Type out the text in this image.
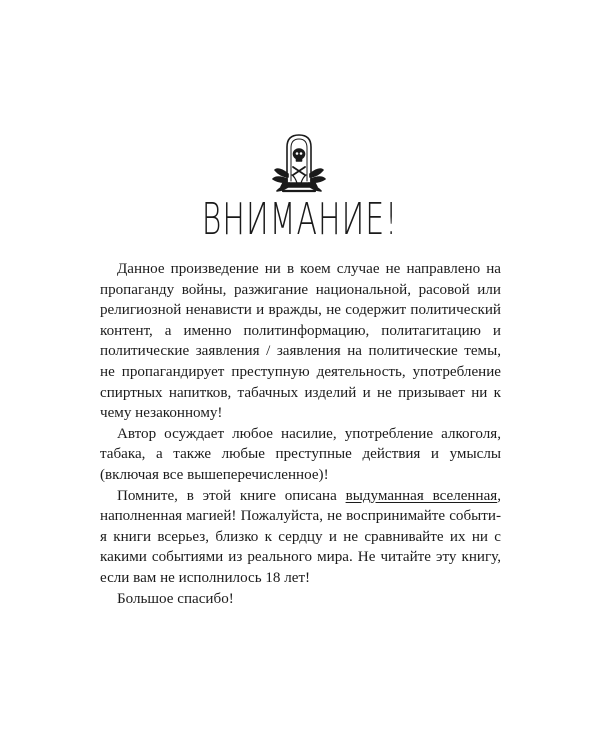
ВНИМАНИЕ!

Данное произведение ни в коем случае не направлено на пропаганду войны, разжигание национальной, расовой или религиозной ненависти и вражды, не содержит политический контент, а именно политинформацию, политагитацию и политические заявления / заявления на политические темы, не пропагандирует преступную деятельность, употребление спиртных напитков, табачных изделий и не призывает ни к чему незаконному!

Автор осуждает любое насилие, употребление алкоголя, табака, а также любые преступные действия и умыслы (включая все вышеперечисленное)!

Помните, в этой книге описана выдуманная вселенная, наполненная магией! Пожалуйста, не воспринимайте события книги всерьез, близко к сердцу и не сравнивайте их ни с какими событиями из реального мира. Не читайте эту книгу, если вам не исполнилось 18 лет!

Большое спасибо!
